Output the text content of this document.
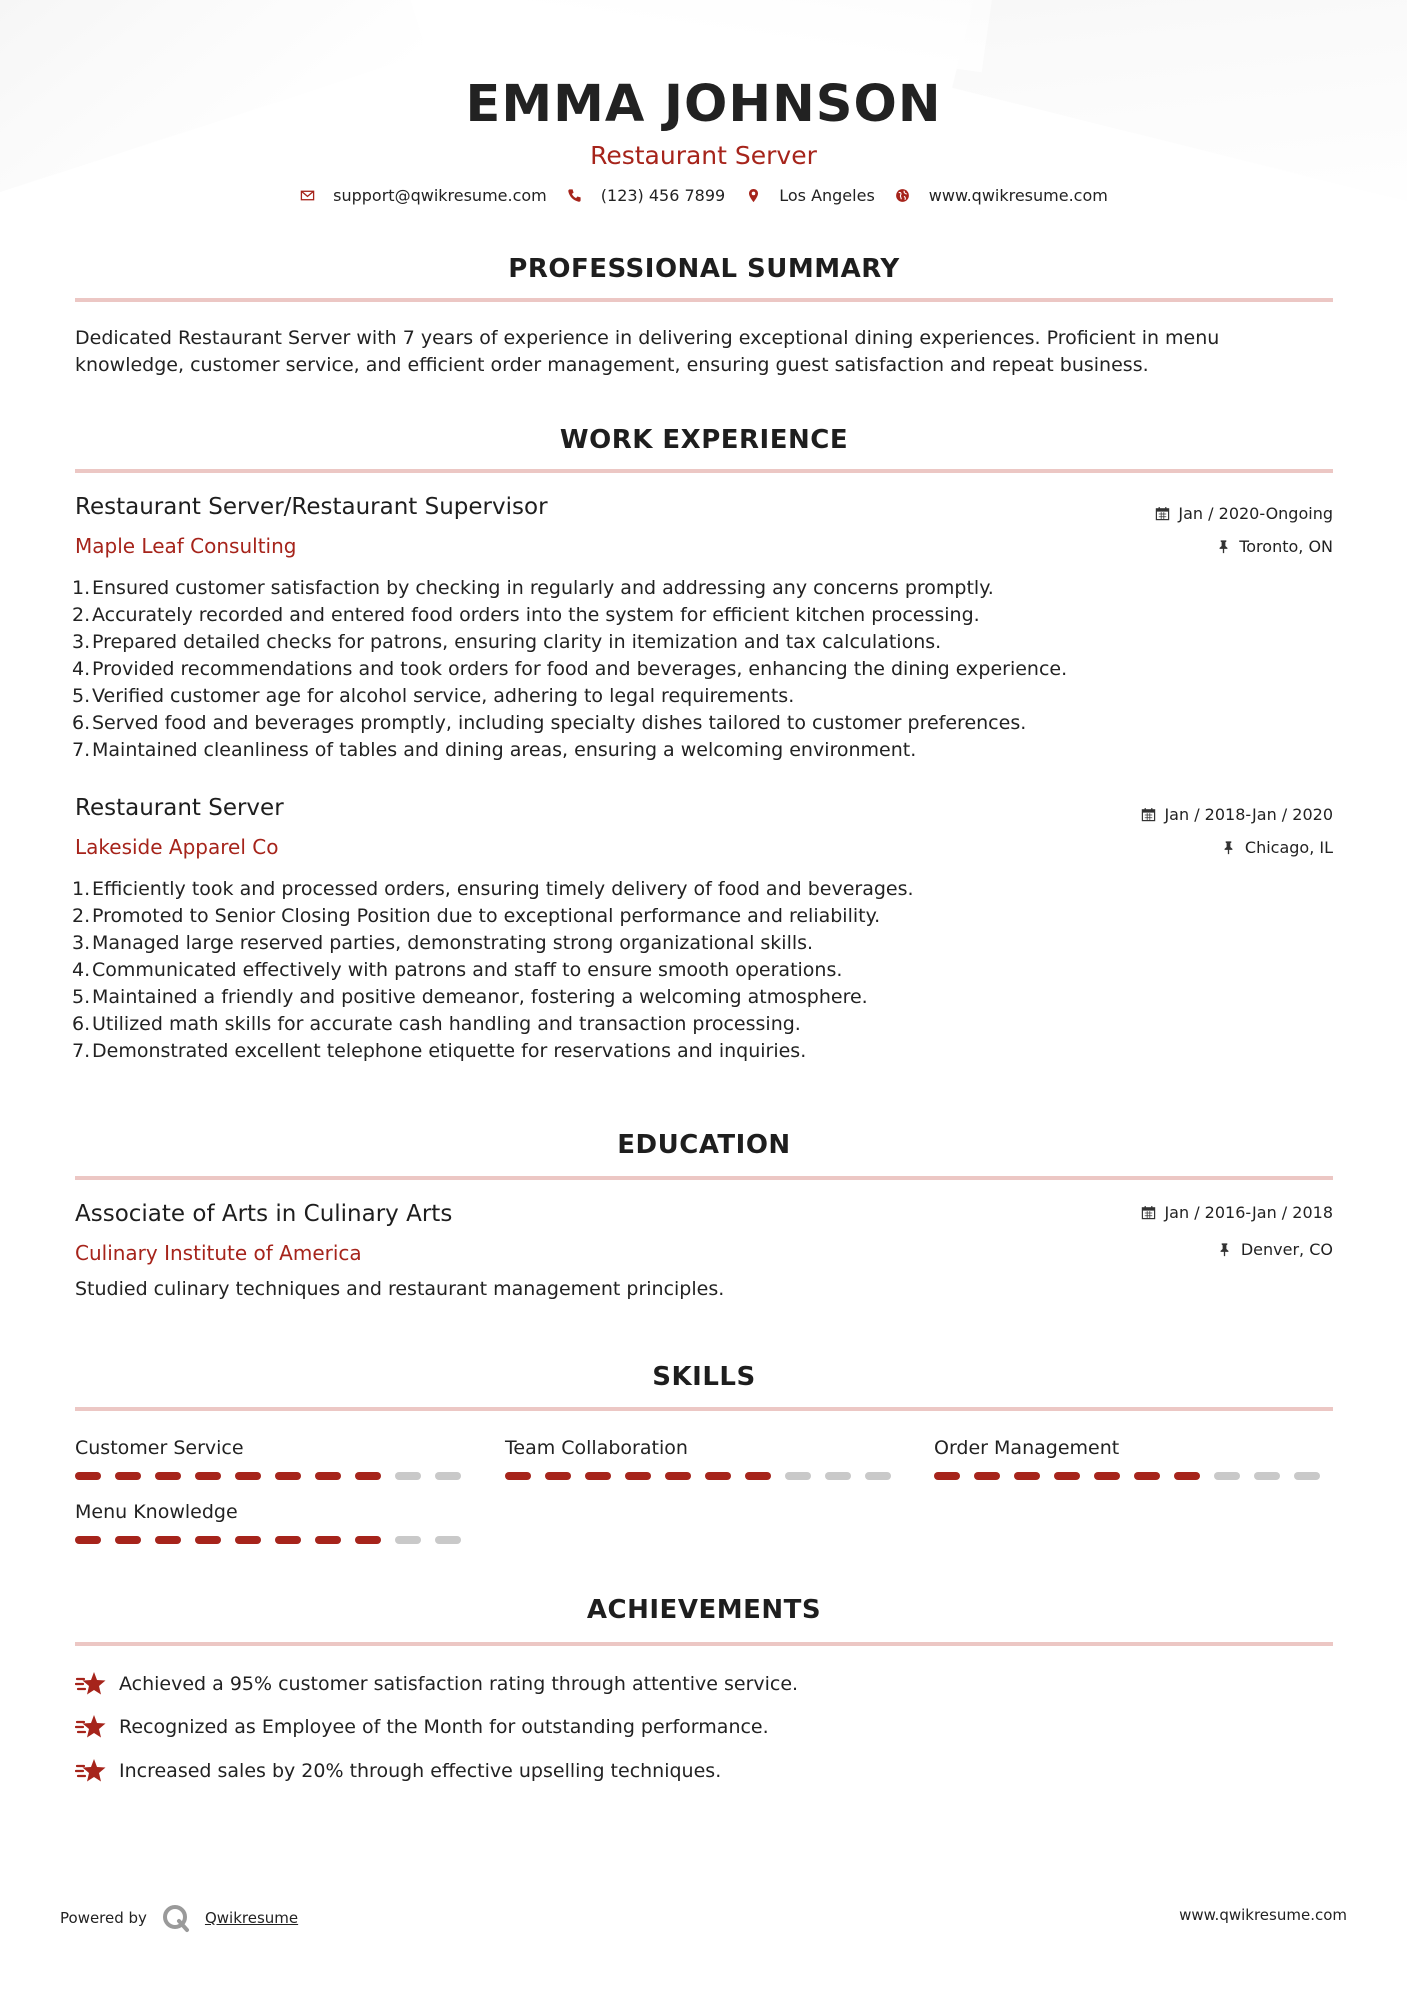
EMMA JOHNSON
Restaurant Server
support@qwikresume.com	(123) 456 7899	Los Angeles	www.qwikresume.com
PROFESSIONAL SUMMARY
Dedicated Restaurant Server with 7 years of experience in delivering exceptional dining experiences. Proficient in menu
knowledge, customer service, and efficient order management, ensuring guest satisfaction and repeat business.
WORK EXPERIENCE
Restaurant Server/Restaurant Supervisor
Maple Leaf Consulting
Jan / 2020-Ongoing
Toronto, ON
1. Ensured customer satisfaction by checking in regularly and addressing any concerns promptly.
2. Accurately recorded and entered food orders into the system for efficient kitchen processing.
3. Prepared detailed checks for patrons, ensuring clarity in itemization and tax calculations.
4. Provided recommendations and took orders for food and beverages, enhancing the dining experience.
5. Verified customer age for alcohol service, adhering to legal requirements.
6. Served food and beverages promptly, including specialty dishes tailored to customer preferences.
7. Maintained cleanliness of tables and dining areas, ensuring a welcoming environment.
Restaurant Server
Lakeside Apparel Co
Jan / 2018-Jan / 2020
Chicago, IL
1. Efficiently took and processed orders, ensuring timely delivery of food and beverages.
2. Promoted to Senior Closing Position due to exceptional performance and reliability.
3. Managed large reserved parties, demonstrating strong organizational skills.
4. Communicated effectively with patrons and staff to ensure smooth operations.
5. Maintained a friendly and positive demeanor, fostering a welcoming atmosphere.
6. Utilized math skills for accurate cash handling and transaction processing.
7. Demonstrated excellent telephone etiquette for reservations and inquiries.
EDUCATION
Associate of Arts in Culinary Arts
Culinary Institute of America
Jan / 2016-Jan / 2018
Denver, CO
Studied culinary techniques and restaurant management principles.
SKILLS
Customer Service	Team Collaboration	Order Management
Menu Knowledge
ACHIEVEMENTS
Achieved a 95% customer satisfaction rating through attentive service.
Recognized as Employee of the Month for outstanding performance.
Increased sales by 20% through effective upselling techniques.
Powered by	Qwikresume	www.qwikresume.com
